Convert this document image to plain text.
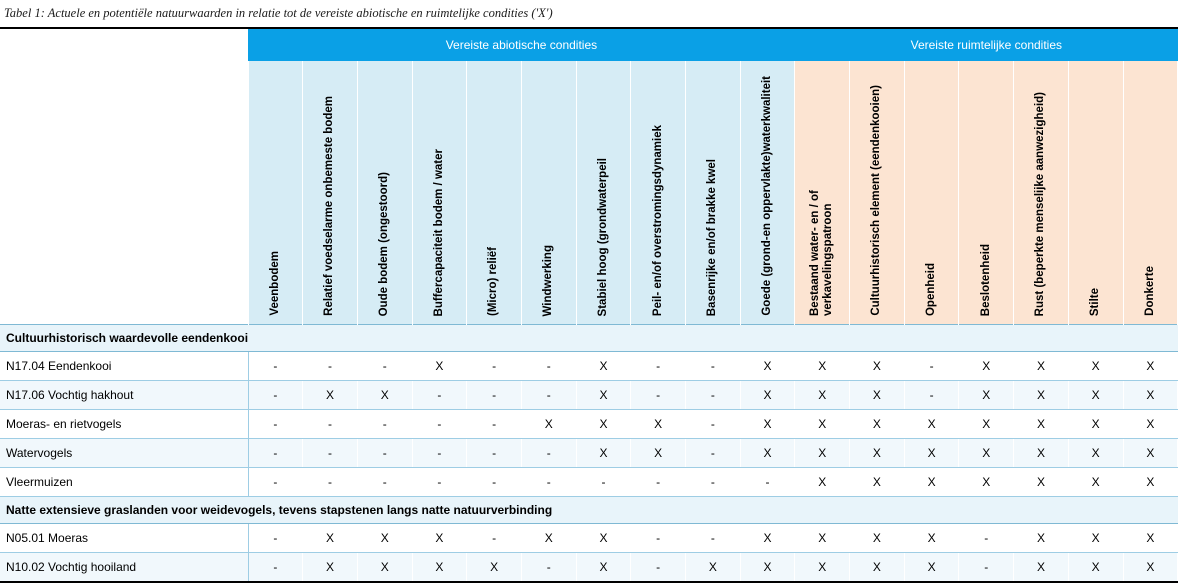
Tabel 1: Actuele en potentiële natuurwaarden in relatie tot de vereiste abiotische en ruimtelijke condities ('X')
	Vereiste abiotische condities										Vereiste ruimtelijke condities						

	Veenbodem	Relatief voedselarme onbemeste bodem	Oude bodem (ongestoord)	Buffercapaciteit bodem / water	(Micro) reliëf	Windwerking	Stabiel hoog (grondwaterpeil	Peil- en/of overstromingsdynamiek	Basenrijke en/of brakke kwel	Goede (grond-en oppervlakte)waterkwaliteit	Bestaand water- en / of verkavelingspatroon	Cultuurhistorisch element (eendenkooien)	Openheid	Beslotenheid	Rust (beperkte menselijke aanwezigheid)	Stilte	Donkerte

Cultuurhistorisch waardevolle eendenkooi																	
N17.04 Eendenkooi	-	-	-	X	-	-	X	-	-	X	X	X	-	X	X	X	X
N17.06 Vochtig hakhout	-	X	X	-	-	-	X	-	-	X	X	X	-	X	X	X	X
Moeras- en rietvogels	-	-	-	-	-	X	X	X	-	X	X	X	X	X	X	X	X
Watervogels	-	-	-	-	-	-	X	X	-	X	X	X	X	X	X	X	X
Vleermuizen	-	-	-	-	-	-	-	-	-	-	X	X	X	X	X	X	X
Natte extensieve graslanden voor weidevogels, tevens stapstenen langs natte natuurverbinding																	
N05.01 Moeras	-	X	X	X	-	X	X	-	-	X	X	X	X	-	X	X	X
N10.02 Vochtig hooiland	-	X	X	X	X	-	X	-	X	X	X	X	X	-	X	X	X
